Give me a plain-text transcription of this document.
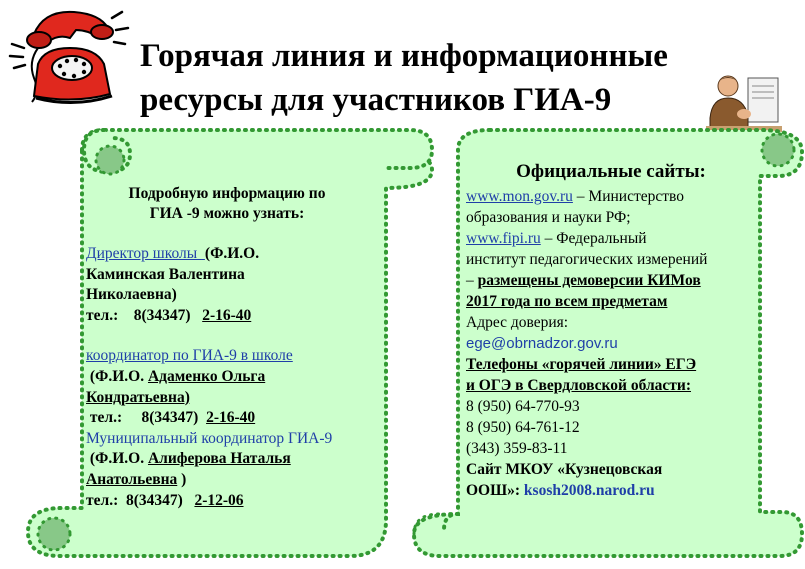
Горячая линия и информационные
ресурсы для участников ГИА-9
Подробную информацию по
ГИА -9 можно узнать:
Директор школы  (Ф.И.О.
Каминская Валентина
Николаевна)
тел.: 8(34347) 2-16-40
координатор по ГИА-9 в школе
(Ф.И.О. Адаменко Ольга
Кондратьевна)
тел.: 8(34347) 2-16-40
Муниципальный координатор ГИА-9
(Ф.И.О. Алиферова Наталья
Анатольевна )
тел.: 8(34347) 2-12-06
Официальные сайты:
www.mon.gov.ru – Министерство
образования и науки РФ;
www.fipi.ru – Федеральный
институт педагогических измерений
– размещены демоверсии КИМов
2017 года по всем предметам
Адрес доверия:
ege@obrnadzor.gov.ru
Телефоны «горячей линии» ЕГЭ
и ОГЭ в Свердловской области:
8 (950) 64-770-93
8 (950) 64-761-12
(343) 359-83-11
Сайт МКОУ «Кузнецовская
ООШ»: ksosh2008.narod.ru
